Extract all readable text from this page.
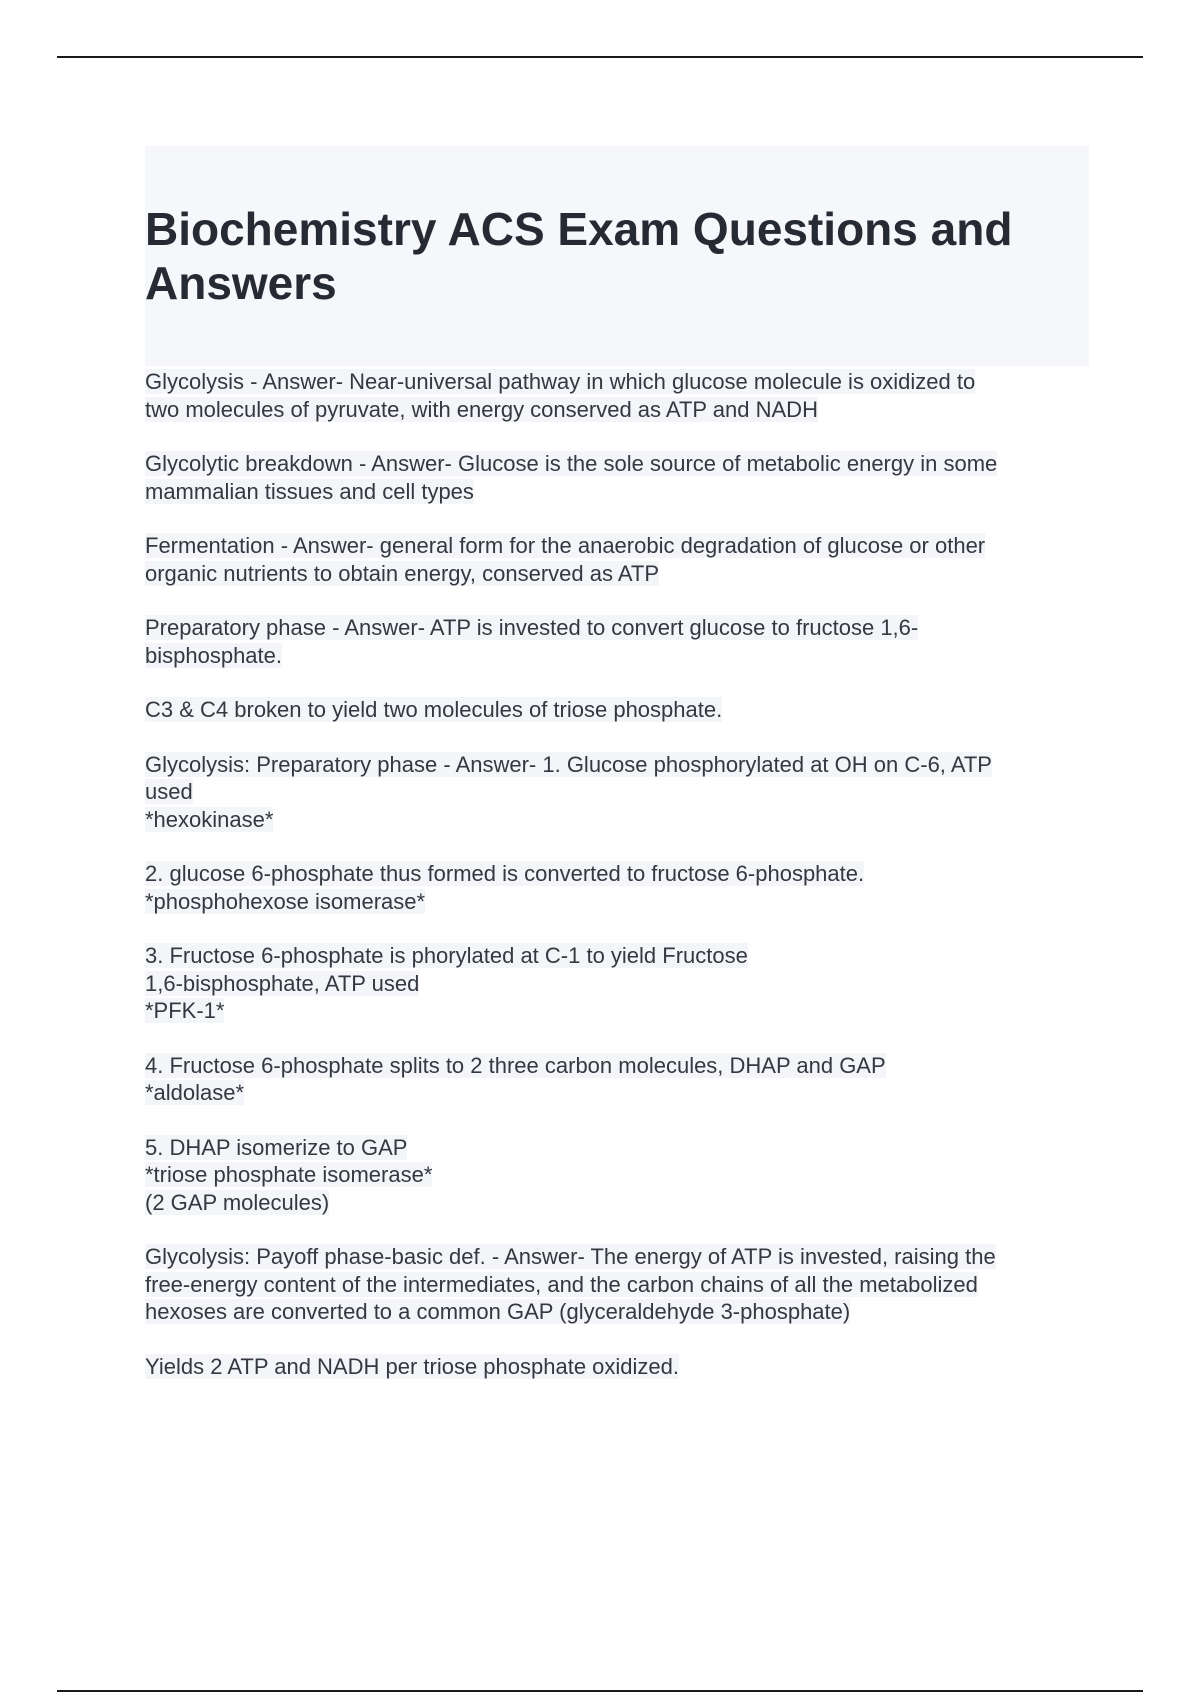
Biochemistry ACS Exam Questions and
Answers

Glycolysis - Answer- Near-universal pathway in which glucose molecule is oxidized to
two molecules of pyruvate, with energy conserved as ATP and NADH

Glycolytic breakdown - Answer- Glucose is the sole source of metabolic energy in some
mammalian tissues and cell types

Fermentation - Answer- general form for the anaerobic degradation of glucose or other
organic nutrients to obtain energy, conserved as ATP

Preparatory phase - Answer- ATP is invested to convert glucose to fructose 1,6-
bisphosphate.

C3 & C4 broken to yield two molecules of triose phosphate.

Glycolysis: Preparatory phase - Answer- 1. Glucose phosphorylated at OH on C-6, ATP
used
*hexokinase*

2. glucose 6-phosphate thus formed is converted to fructose 6-phosphate.
*phosphohexose isomerase*

3. Fructose 6-phosphate is phorylated at C-1 to yield Fructose
1,6-bisphosphate, ATP used
*PFK-1*

4. Fructose 6-phosphate splits to 2 three carbon molecules, DHAP and GAP
*aldolase*

5. DHAP isomerize to GAP
*triose phosphate isomerase*
(2 GAP molecules)

Glycolysis: Payoff phase-basic def. - Answer- The energy of ATP is invested, raising the
free-energy content of the intermediates, and the carbon chains of all the metabolized
hexoses are converted to a common GAP (glyceraldehyde 3-phosphate)

Yields 2 ATP and NADH per triose phosphate oxidized.
